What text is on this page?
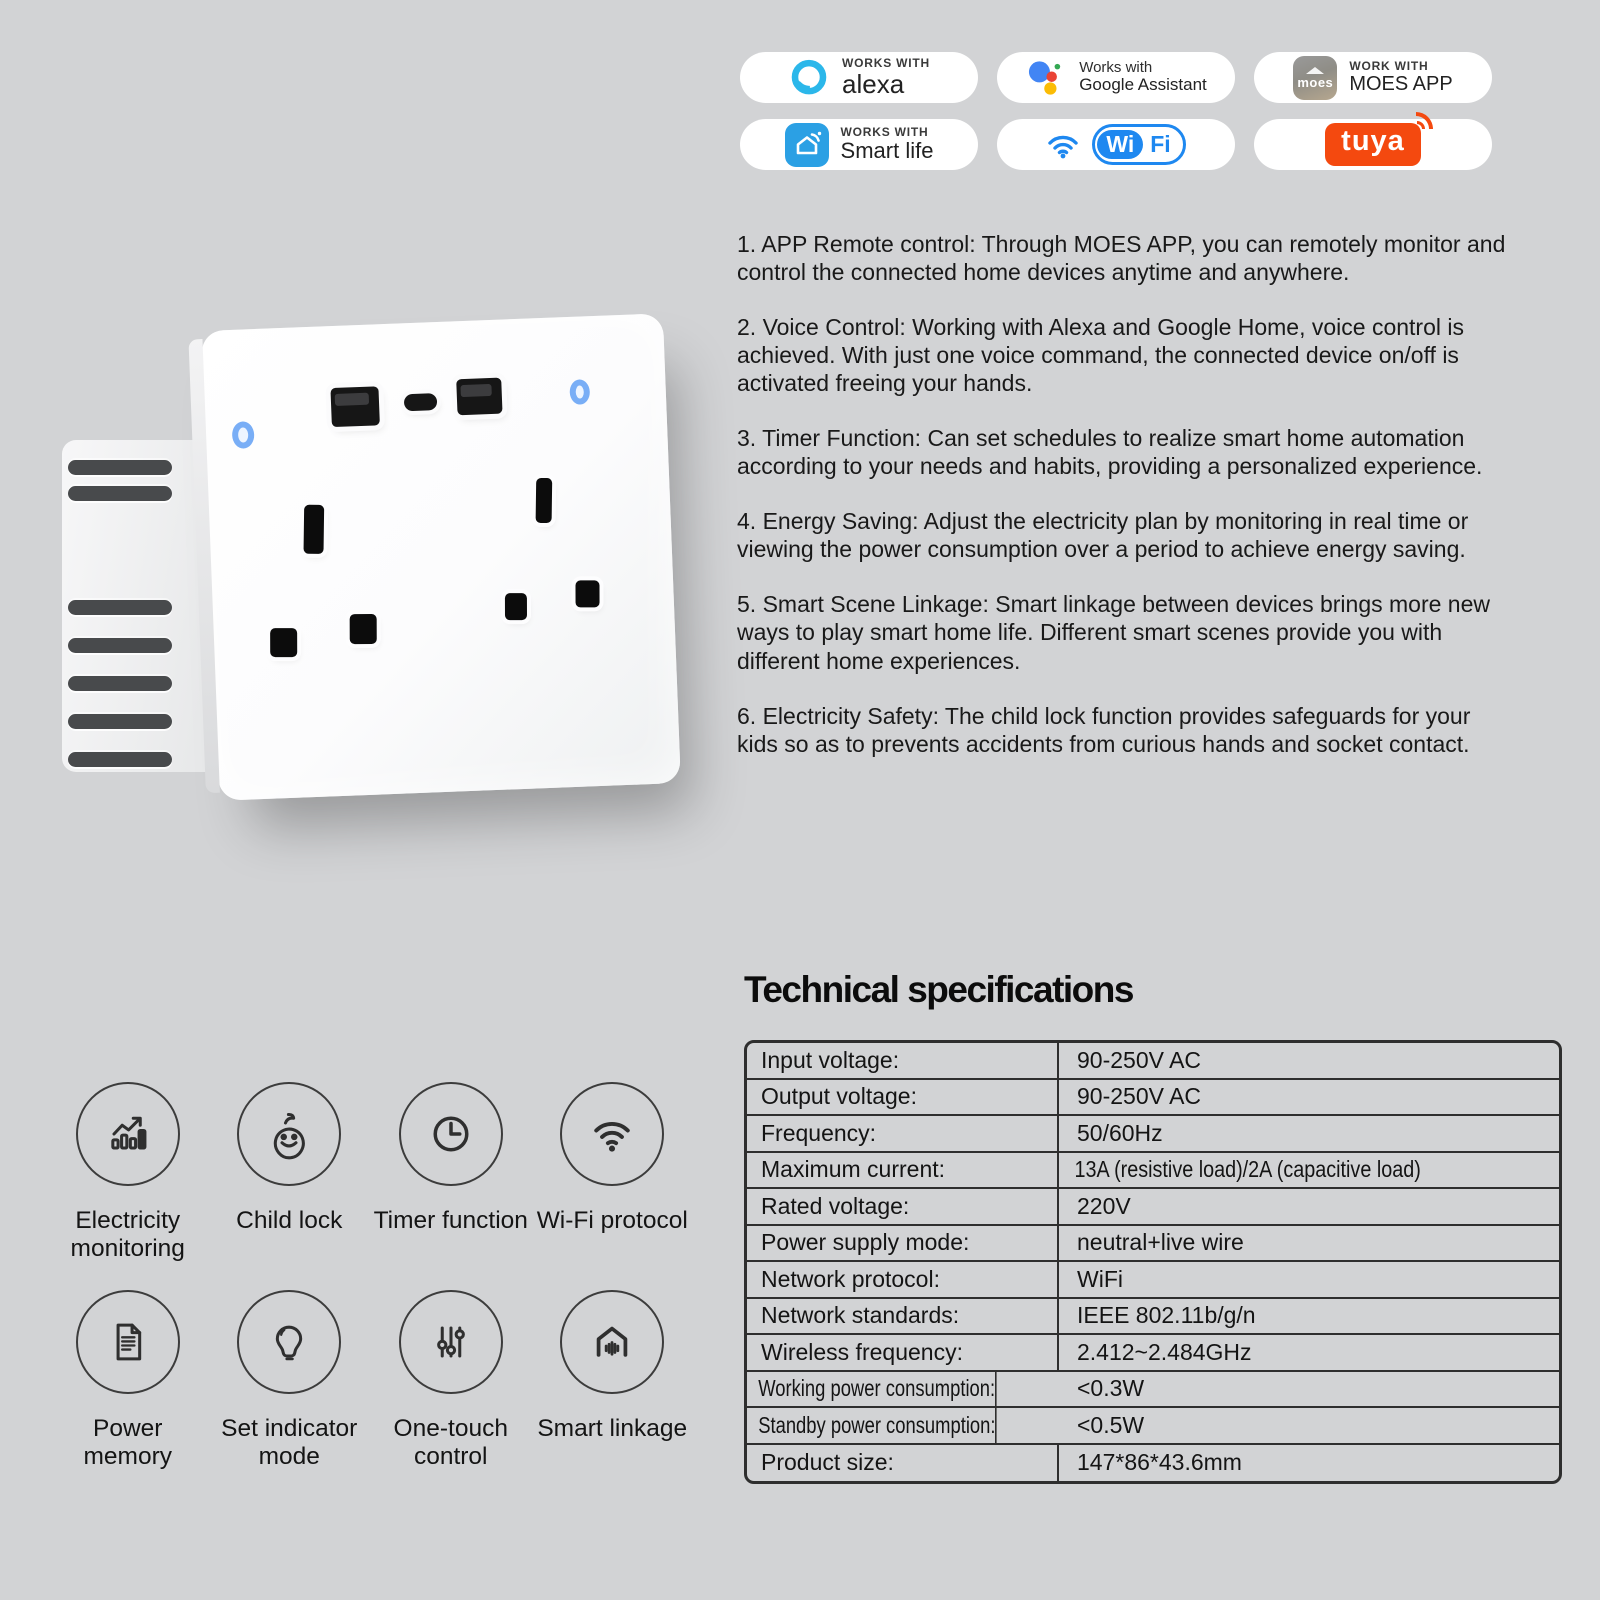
WORKS WITH
alexa
Works with
Google Assistant	moes
WORK WITH
MOES APP
WORKS WITH
Smart life	Wi Fi	tuya

1. APP Remote control: Through MOES APP, you can remotely monitor and control the connected home devices anytime and anywhere.

2. Voice Control: Working with Alexa and Google Home, voice control is achieved. With just one voice command, the connected device on/off is activated freeing your hands.

3. Timer Function: Can set schedules to realize smart home automation according to your needs and habits, providing a personalized experience.

4. Energy Saving: Adjust the electricity plan by monitoring in real time or viewing the power consumption over a period to achieve energy saving.

5. Smart Scene Linkage: Smart linkage between devices brings more new ways to play smart home life. Different smart scenes provide you with different home experiences.

6. Electricity Safety: The child lock function provides safeguards for your kids so as to prevents accidents from curious hands and socket contact.

Electricity monitoring
Child lock	Timer function Wi-Fi protocol
Power memory
Set indicator mode
One-touch control
Smart linkage
Technical specifications
Input voltage:	90-250V AC
Output voltage:	90-250V AC
Frequency:	50/60Hz
Maximum current:	13A (resistive load)/2A (capacitive load)
Rated voltage:	220V
Power supply mode:	neutral+live wire
Network protocol:	WiFi
Network standards:	IEEE 802.11b/g/n
Wireless frequency:	2.412~2.484GHz
Working power consumption:	<0.3W
Standby power consumption:	<0.5W
Product size:	147*86*43.6mm
